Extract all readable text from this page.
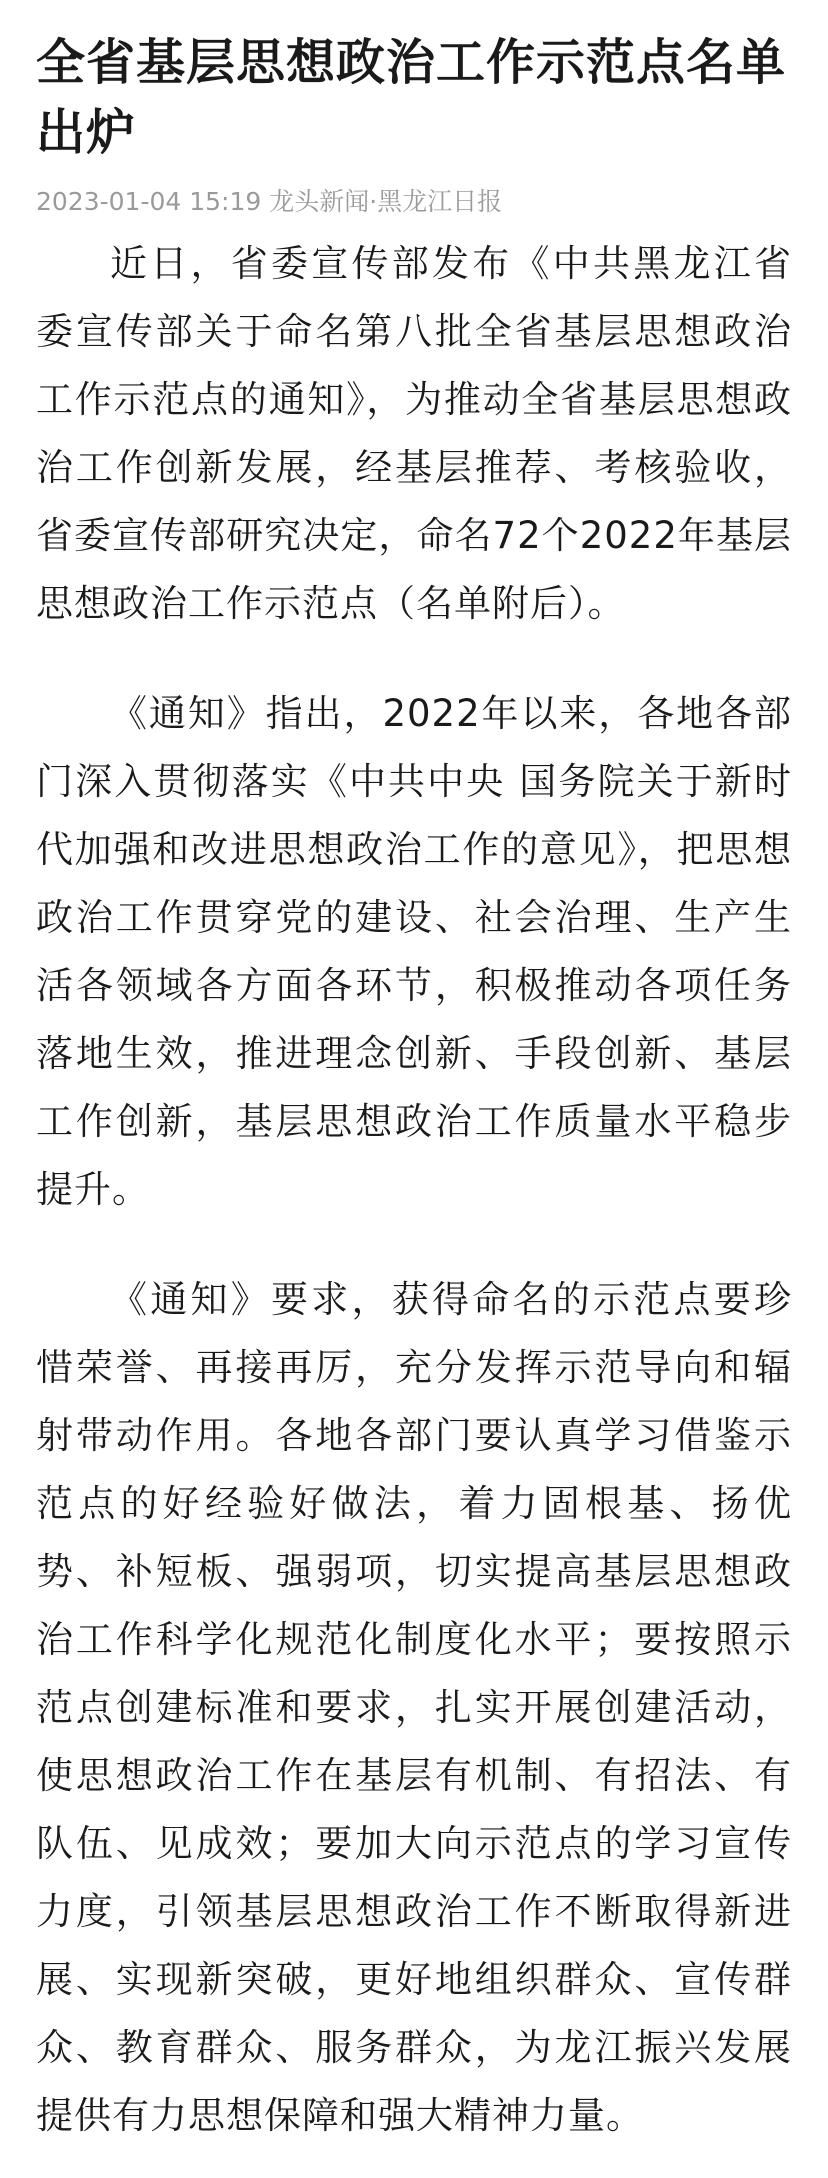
全省基层思想政治工作示范点名单出炉
2023-01-04 15:19 龙头新闻·黑龙江日报

近日，省委宣传部发布《中共黑龙江省委宣传部关于命名第八批全省基层思想政治工作示范点的通知》，为推动全省基层思想政治工作创新发展，经基层推荐、考核验收，省委宣传部研究决定，命名72个2022年基层思想政治工作示范点（名单附后）。

《通知》指出，2022年以来，各地各部门深入贯彻落实《中共中央 国务院关于新时代加强和改进思想政治工作的意见》，把思想政治工作贯穿党的建设、社会治理、生产生活各领域各方面各环节，积极推动各项任务落地生效，推进理念创新、手段创新、基层工作创新，基层思想政治工作质量水平稳步提升。

《通知》要求，获得命名的示范点要珍惜荣誉、再接再厉，充分发挥示范导向和辐射带动作用。各地各部门要认真学习借鉴示范点的好经验好做法，着力固根基、扬优势、补短板、强弱项，切实提高基层思想政治工作科学化规范化制度化水平；要按照示范点创建标准和要求，扎实开展创建活动，使思想政治工作在基层有机制、有招法、有队伍、见成效；要加大向示范点的学习宣传力度，引领基层思想政治工作不断取得新进展、实现新突破，更好地组织群众、宣传群众、教育群众、服务群众，为龙江振兴发展提供有力思想保障和强大精神力量。
